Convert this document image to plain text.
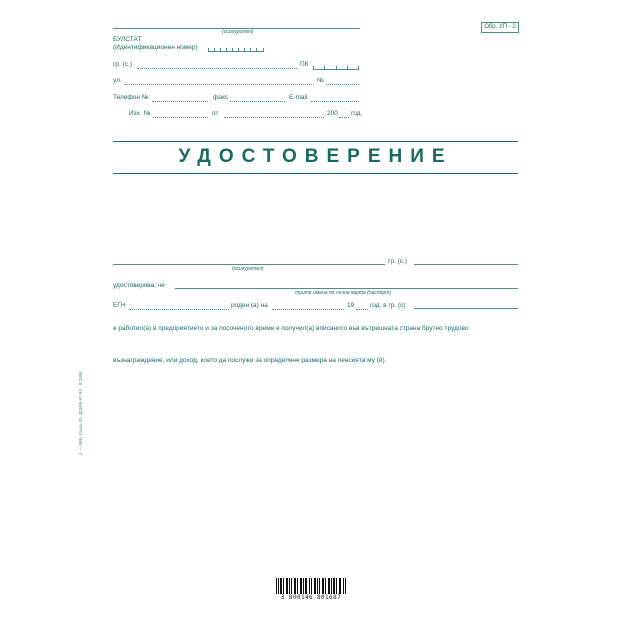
(осигурител)
Обр. УП - 2
БУЛСТАТ
(Идентификационен номер)
гр. (с.)	ПК
ул.	№
Телефон №	факс	E-mail
Изх. №	от	200 год.
УДОСТОВЕРЕНИЕ
(осигурител)
гр. (с.)
удостоверява, че
трите имена по лична карта (паспорт)
ЕГН	роден (а) на	19 год. в гр. (с)
е работил(а) в предприятието и за посоченото време е получил(а) вписаното във вътрешната страна брутно трудово
възнаграждение, или доход, което да послужи за определяне размера на пенсията му (й).
1 — 888, 15ххх-20, ДЗИ/6-97-92 · 8.2006
3 800146 801687
